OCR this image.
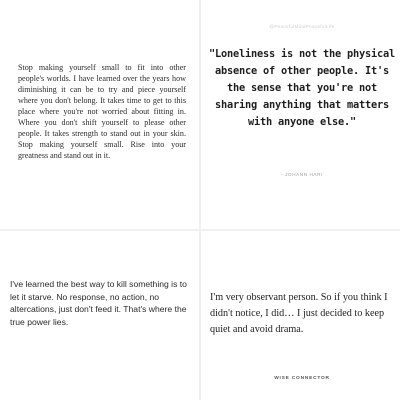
Stop making yourself small to fit into other people's worlds. I have learned over the years how diminishing it can be to try and piece yourself where you don't belong. It takes time to get to this place where you're not worried about fitting in. Where you don't shift yourself to please other people. It takes strength to stand out in your skin. Stop making yourself small. Rise into your greatness and stand out in it.
@PeacefulMindPeacefulLife
"Loneliness is not the physical absence of other people. It's the sense that you're not sharing anything that matters with anyone else."
- JOHANN HARI
I've learned the best way to kill something is to let it starve. No response, no action, no altercations, just don't feed it. That's where the true power lies.
I'm very observant person. So if you think I didn't notice, I did… I just decided to keep quiet and avoid drama.
WISE CONNECTOR
